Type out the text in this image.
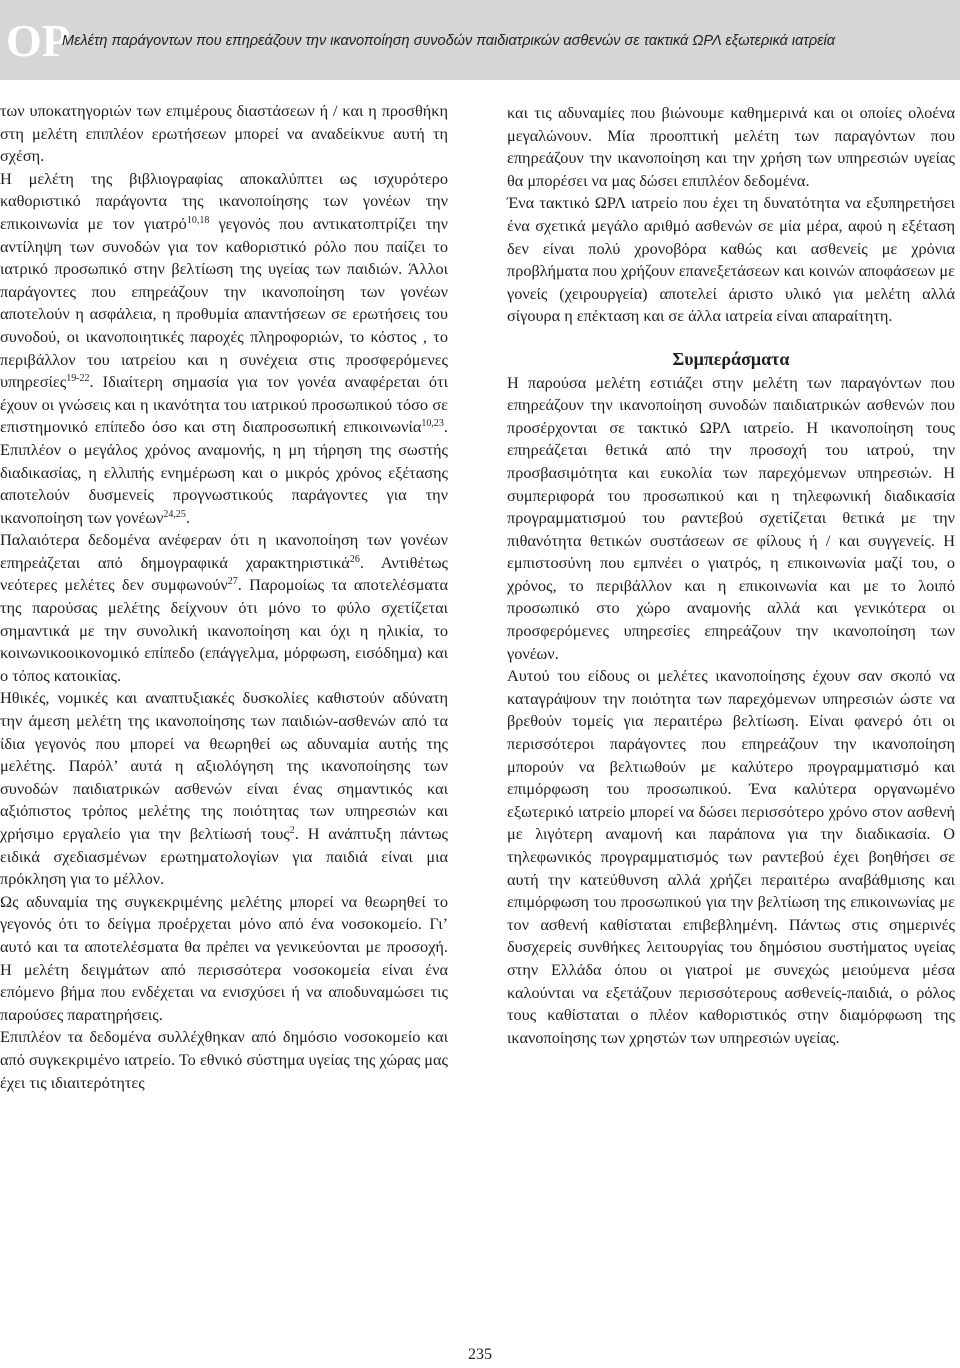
ΟΡ
Μελέτη παράγοντων που επηρεάζουν την ικανοποίηση συνοδών παιδιατρικών ασθενών σε τακτικά ΩΡΛ εξωτερικά ιατρεία

των υποκατηγοριών των επιμέρους διαστάσεων ή / και η προσθήκη στη μελέτη επιπλέον ερωτήσεων μπορεί να αναδείκνυε αυτή τη σχέση.

Η μελέτη της βιβλιογραφίας αποκαλύπτει ως ισχυρότερο καθοριστικό παράγοντα της ικανοποίησης των γονέων την επικοινωνία με τον γιατρό$^{10,18}$ γεγονός που αντικατοπτρίζει την αντίληψη των συνοδών για τον καθοριστικό ρόλο που παίζει το ιατρικό προσωπικό στην βελτίωση της υγείας των παιδιών. Άλλοι παράγοντες που επηρεάζουν την ικανοποίηση των γονέων αποτελούν η ασφάλεια, η προθυμία απαντήσεων σε ερωτήσεις του συνοδού, οι ικανοποιητικές παροχές πληροφοριών, το κόστος , το περιβάλλον του ιατρείου και η συνέχεια στις προσφερόμενες υπηρεσίες$^{19-22}$. Ιδιαίτερη σημασία για τον γονέα αναφέρεται ότι έχουν οι γνώσεις και η ικανότητα του ιατρικού προσωπικού τόσο σε επιστημονικό επίπεδο όσο και στη διαπροσωπική επικοινωνία$^{10,23}$. Επιπλέον ο μεγάλος χρόνος αναμονής, η μη τήρηση της σωστής διαδικασίας, η ελλιπής ενημέρωση και ο μικρός χρόνος εξέτασης αποτελούν δυσμενείς προγνωστικούς παράγοντες για την ικανοποίηση των γονέων$^{24,25}$.

Παλαιότερα δεδομένα ανέφεραν ότι η ικανοποίηση των γονέων επηρεάζεται από δημογραφικά χαρακτηριστικά$^{26}$. Αντιθέτως νεότερες μελέτες δεν συμφωνούν$^{27}$. Παρομοίως τα αποτελέσματα της παρούσας μελέτης δείχνουν ότι μόνο το φύλο σχετίζεται σημαντικά με την συνολική ικανοποίηση και όχι η ηλικία, το κοινωνικοοικονομικό επίπεδο (επάγγελμα, μόρφωση, εισόδημα) και ο τόπος κατοικίας.

Ηθικές, νομικές και αναπτυξιακές δυσκολίες καθιστούν αδύνατη την άμεση μελέτη της ικανοποίησης των παιδιών-ασθενών από τα ίδια γεγονός που μπορεί να θεωρηθεί ως αδυναμία αυτής της μελέτης. Παρόλ’ αυτά η αξιολόγηση της ικανοποίησης των συνοδών παιδιατρικών ασθενών είναι ένας σημαντικός και αξιόπιστος τρόπος μελέτης της ποιότητας των υπηρεσιών και χρήσιμο εργαλείο για την βελτίωσή τους$^2$. Η ανάπτυξη πάντως ειδικά σχεδιασμένων ερωτηματολογίων για παιδιά είναι μια πρόκληση για το μέλλον.

Ως αδυναμία της συγκεκριμένης μελέτης μπορεί να θεωρηθεί το γεγονός ότι το δείγμα προέρχεται μόνο από ένα νοσοκομείο. Γι’ αυτό και τα αποτελέσματα θα πρέπει να γενικεύονται με προσοχή. Η μελέτη δειγμάτων από περισσότερα νοσοκομεία είναι ένα επόμενο βήμα που ενδέχεται να ενισχύσει ή να αποδυναμώσει τις παρούσες παρατηρήσεις.

Επιπλέον τα δεδομένα συλλέχθηκαν από δημόσιο νοσοκομείο και από συγκεκριμένο ιατρείο. Το εθνικό σύστημα υγείας της χώρας μας έχει τις ιδιαιτερότητες

και τις αδυναμίες που βιώνουμε καθημερινά και οι οποίες ολοένα μεγαλώνουν. Μία προοπτική μελέτη των παραγόντων που επηρεάζουν την ικανοποίηση και την χρήση των υπηρεσιών υγείας θα μπορέσει να μας δώσει επιπλέον δεδομένα.

Ένα τακτικό ΩΡΛ ιατρείο που έχει τη δυνατότητα να εξυπηρετήσει ένα σχετικά μεγάλο αριθμό ασθενών σε μία μέρα, αφού η εξέταση δεν είναι πολύ χρονοβόρα καθώς και ασθενείς με χρόνια προβλήματα που χρήζουν επανεξετάσεων και κοινών αποφάσεων με γονείς (χειρουργεία) αποτελεί άριστο υλικό για μελέτη αλλά σίγουρα η επέκταση και σε άλλα ιατρεία είναι απαραίτητη.

Συμπεράσματα

Η παρούσα μελέτη εστιάζει στην μελέτη των παραγόντων που επηρεάζουν την ικανοποίηση συνοδών παιδιατρικών ασθενών που προσέρχονται σε τακτικό ΩΡΛ ιατρείο. Η ικανοποίηση τους επηρεάζεται θετικά από την προσοχή του ιατρού, την προσβασιμότητα και ευκολία των παρεχόμενων υπηρεσιών. Η συμπεριφορά του προσωπικού και η τηλεφωνική διαδικασία προγραμματισμού του ραντεβού σχετίζεται θετικά με την πιθανότητα θετικών συστάσεων σε φίλους ή / και συγγενείς. Η εμπιστοσύνη που εμπνέει ο γιατρός, η επικοινωνία μαζί του, ο χρόνος, το περιβάλλον και η επικοινωνία και με το λοιπό προσωπικό στο χώρο αναμονής αλλά και γενικότερα οι προσφερόμενες υπηρεσίες επηρεάζουν την ικανοποίηση των γονέων.

Αυτού του είδους οι μελέτες ικανοποίησης έχουν σαν σκοπό να καταγράψουν την ποιότητα των παρεχόμενων υπηρεσιών ώστε να βρεθούν τομείς για περαιτέρω βελτίωση. Είναι φανερό ότι οι περισσότεροι παράγοντες που επηρεάζουν την ικανοποίηση μπορούν να βελτιωθούν με καλύτερο προγραμματισμό και επιμόρφωση του προσωπικού. Ένα καλύτερα οργανωμένο εξωτερικό ιατρείο μπορεί να δώσει περισσότερο χρόνο στον ασθενή με λιγότερη αναμονή και παράπονα για την διαδικασία. Ο τηλεφωνικός προγραμματισμός των ραντεβού έχει βοηθήσει σε αυτή την κατεύθυνση αλλά χρήζει περαιτέρω αναβάθμισης και επιμόρφωση του προσωπικού για την βελτίωση της επικοινωνίας με τον ασθενή καθίσταται επιβεβλημένη. Πάντως στις σημερινές δυσχερείς συνθήκες λειτουργίας του δημόσιου συστήματος υγείας στην Ελλάδα όπου οι γιατροί με συνεχώς μειούμενα μέσα καλούνται να εξετάζουν περισσότερους ασθενείς-παιδιά, ο ρόλος τους καθίσταται ο πλέον καθοριστικός στην διαμόρφωση της ικανοποίησης των χρηστών των υπηρεσιών υγείας.

235
